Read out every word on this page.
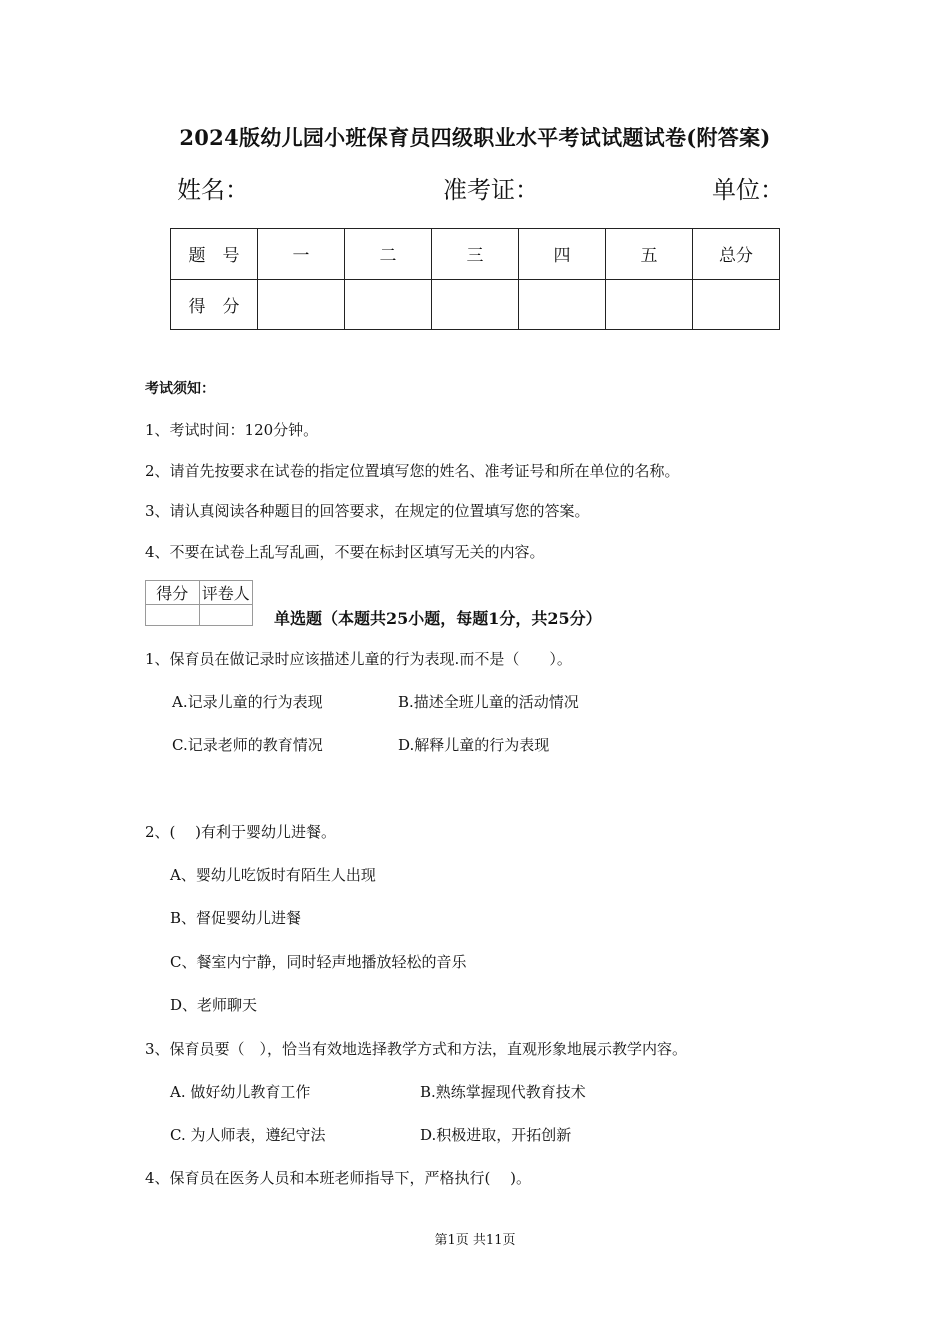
2024版幼儿园小班保育员四级职业水平考试试题试卷(附答案)
姓名：	准考证：	单位：
题　号	一	二	三	四	五	总分
得　分						
考试须知：
1、考试时间：120分钟。
2、请首先按要求在试卷的指定位置填写您的姓名、准考证号和所在单位的名称。
3、请认真阅读各种题目的回答要求，在规定的位置填写您的答案。
4、不要在试卷上乱写乱画，不要在标封区填写无关的内容。
得分	评卷人

单选题（本题共25小题，每题1分，共25分）
1、保育员在做记录时应该描述儿童的行为表现.而不是（　　）。
A.记录儿童的行为表现	B.描述全班儿童的活动情况
C.记录老师的教育情况	D.解释儿童的行为表现
2、(　 )有利于婴幼儿进餐。
A、婴幼儿吃饭时有陌生人出现
B、督促婴幼儿进餐
C、餐室内宁静，同时轻声地播放轻松的音乐
D、老师聊天
3、保育员要（　），恰当有效地选择教学方式和方法，直观形象地展示教学内容。
A. 做好幼儿教育工作	B.熟练掌握现代教育技术
C. 为人师表，遵纪守法	D.积极进取，开拓创新
4、保育员在医务人员和本班老师指导下，严格执行(　 )。
第1页 共11页
